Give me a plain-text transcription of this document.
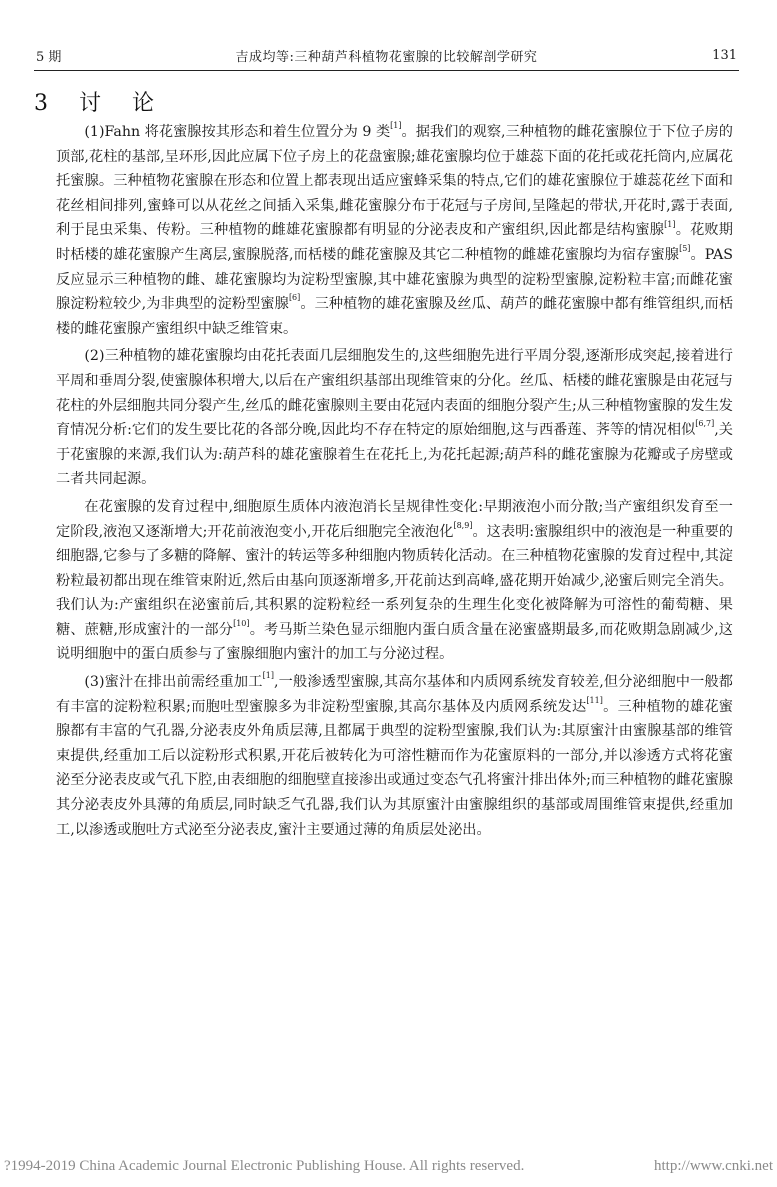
5 期	吉成均等:三种葫芦科植物花蜜腺的比较解剖学研究	131
3 讨 论

(1)Fahn 将花蜜腺按其形态和着生位置分为 9 类[1]。据我们的观察,三种植物的雌花蜜腺位于下位子房的顶部,花柱的基部,呈环形,因此应属下位子房上的花盘蜜腺;雄花蜜腺均位于雄蕊下面的花托或花托筒内,应属花托蜜腺。三种植物花蜜腺在形态和位置上都表现出适应蜜蜂采集的特点,它们的雄花蜜腺位于雄蕊花丝下面和花丝相间排列,蜜蜂可以从花丝之间插入采集,雌花蜜腺分布于花冠与子房间,呈隆起的带状,开花时,露于表面,利于昆虫采集、传粉。三种植物的雌雄花蜜腺都有明显的分泌表皮和产蜜组织,因此都是结构蜜腺[1]。花败期时栝楼的雄花蜜腺产生离层,蜜腺脱落,而栝楼的雌花蜜腺及其它二种植物的雌雄花蜜腺均为宿存蜜腺[5]。PAS 反应显示三种植物的雌、雄花蜜腺均为淀粉型蜜腺,其中雄花蜜腺为典型的淀粉型蜜腺,淀粉粒丰富;而雌花蜜腺淀粉粒较少,为非典型的淀粉型蜜腺[6]。三种植物的雄花蜜腺及丝瓜、葫芦的雌花蜜腺中都有维管组织,而栝楼的雌花蜜腺产蜜组织中缺乏维管束。

(2)三种植物的雄花蜜腺均由花托表面几层细胞发生的,这些细胞先进行平周分裂,逐渐形成突起,接着进行平周和垂周分裂,使蜜腺体积增大,以后在产蜜组织基部出现维管束的分化。丝瓜、栝楼的雌花蜜腺是由花冠与花柱的外层细胞共同分裂产生,丝瓜的雌花蜜腺则主要由花冠内表面的细胞分裂产生;从三种植物蜜腺的发生发育情况分析:它们的发生要比花的各部分晚,因此均不存在特定的原始细胞,这与西番莲、荠等的情况相似[6,7],关于花蜜腺的来源,我们认为:葫芦科的雄花蜜腺着生在花托上,为花托起源;葫芦科的雌花蜜腺为花瓣或子房壁或二者共同起源。

在花蜜腺的发育过程中,细胞原生质体内液泡消长呈规律性变化:早期液泡小而分散;当产蜜组织发育至一定阶段,液泡又逐渐增大;开花前液泡变小,开花后细胞完全液泡化[8,9]。这表明:蜜腺组织中的液泡是一种重要的细胞器,它参与了多糖的降解、蜜汁的转运等多种细胞内物质转化活动。在三种植物花蜜腺的发育过程中,其淀粉粒最初都出现在维管束附近,然后由基向顶逐渐增多,开花前达到高峰,盛花期开始减少,泌蜜后则完全消失。我们认为:产蜜组织在泌蜜前后,其积累的淀粉粒经一系列复杂的生理生化变化被降解为可溶性的葡萄糖、果糖、蔗糖,形成蜜汁的一部分[10]。考马斯兰染色显示细胞内蛋白质含量在泌蜜盛期最多,而花败期急剧减少,这说明细胞中的蛋白质参与了蜜腺细胞内蜜汁的加工与分泌过程。

(3)蜜汁在排出前需经重加工[1],一般渗透型蜜腺,其高尔基体和内质网系统发育较差,但分泌细胞中一般都有丰富的淀粉粒积累;而胞吐型蜜腺多为非淀粉型蜜腺,其高尔基体及内质网系统发达[11]。三种植物的雄花蜜腺都有丰富的气孔器,分泌表皮外角质层薄,且都属于典型的淀粉型蜜腺,我们认为:其原蜜汁由蜜腺基部的维管束提供,经重加工后以淀粉形式积累,开花后被转化为可溶性糖而作为花蜜原料的一部分,并以渗透方式将花蜜泌至分泌表皮或气孔下腔,由表细胞的细胞壁直接渗出或通过变态气孔将蜜汁排出体外;而三种植物的雌花蜜腺其分泌表皮外具薄的角质层,同时缺乏气孔器,我们认为其原蜜汁由蜜腺组织的基部或周围维管束提供,经重加工,以渗透或胞吐方式泌至分泌表皮,蜜汁主要通过薄的角质层处泌出。

?1994-2019 China Academic Journal Electronic Publishing House. All rights reserved.	http://www.cnki.net
